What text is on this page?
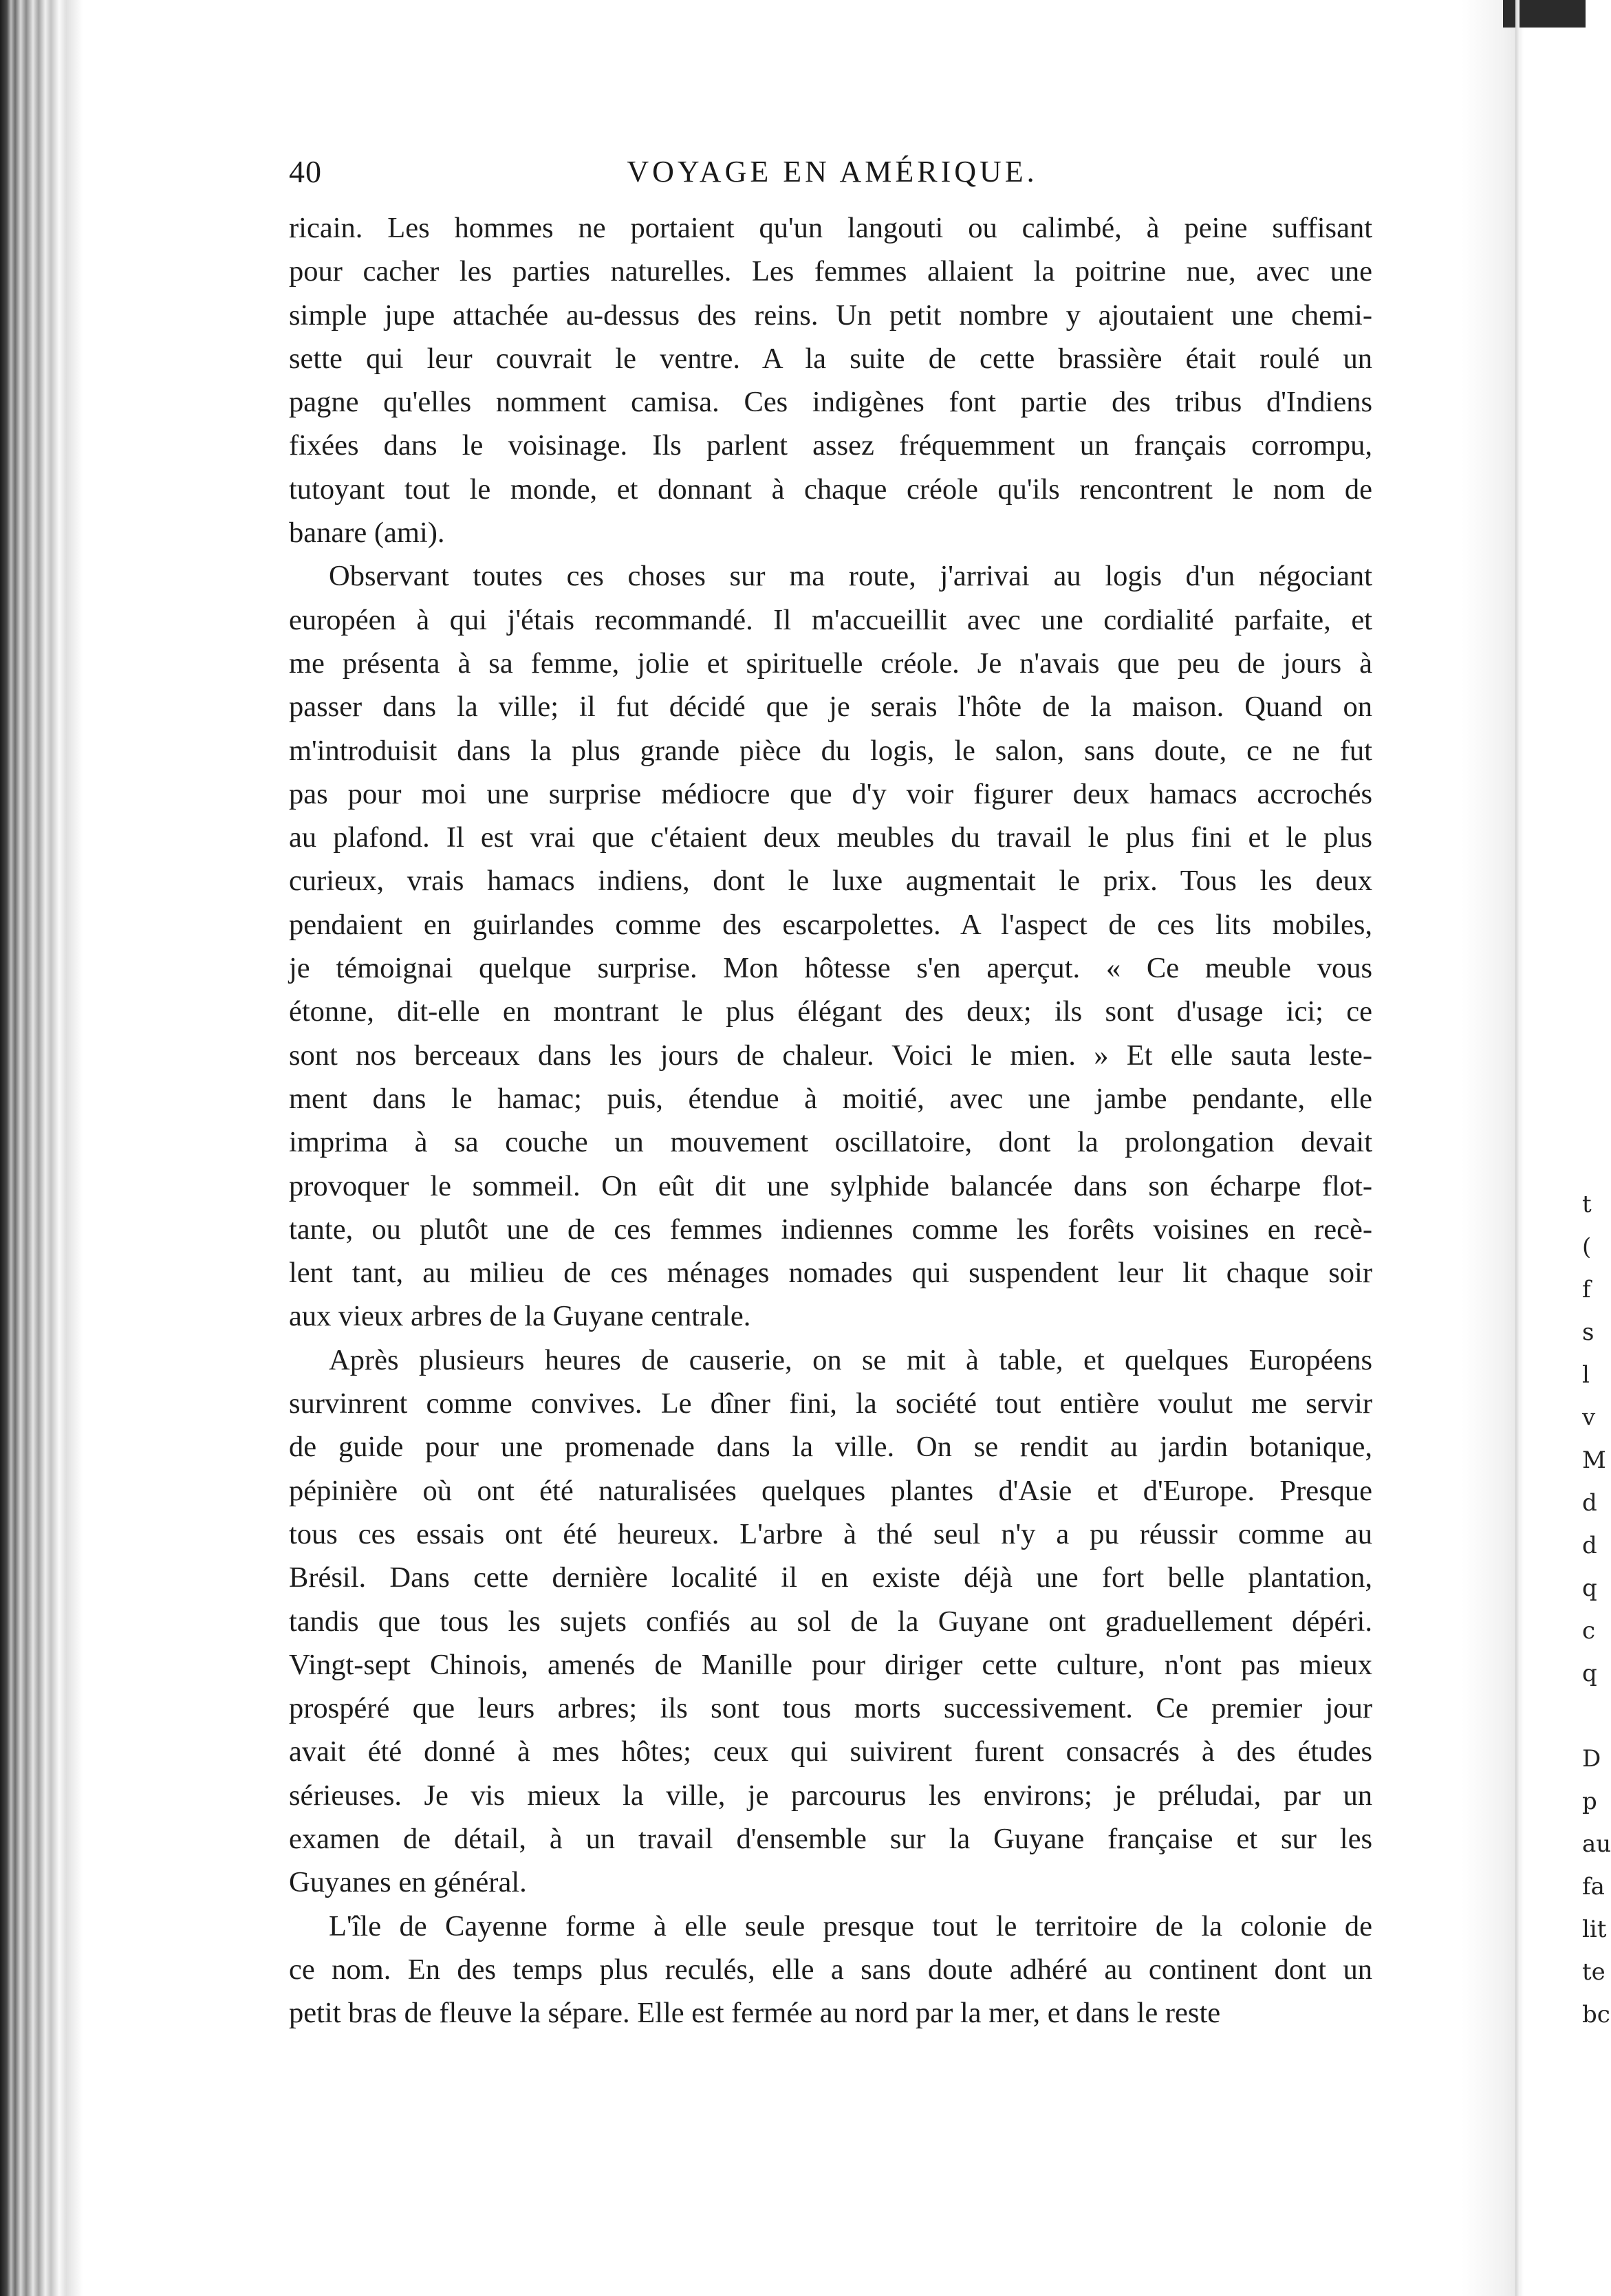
t
(
f
s
l
v
M
d
d
q
c
q
D
p
au
fa
lit
te
bc
VOYAGE EN AMÉRIQUE.
40

ricain. Les hommes ne portaient qu'un langouti ou calimbé, à peine suffisant
pour cacher les parties naturelles. Les femmes allaient la poitrine nue, avec une
simple jupe attachée au-dessus des reins. Un petit nombre y ajoutaient une chemi-
sette qui leur couvrait le ventre. A la suite de cette brassière était roulé un
pagne qu'elles nomment camisa. Ces indigènes font partie des tribus d'Indiens
fixées dans le voisinage. Ils parlent assez fréquemment un français corrompu,
tutoyant tout le monde, et donnant à chaque créole qu'ils rencontrent le nom de
banare (ami).

Observant toutes ces choses sur ma route, j'arrivai au logis d'un négociant
européen à qui j'étais recommandé. Il m'accueillit avec une cordialité parfaite, et
me présenta à sa femme, jolie et spirituelle créole. Je n'avais que peu de jours à
passer dans la ville; il fut décidé que je serais l'hôte de la maison. Quand on
m'introduisit dans la plus grande pièce du logis, le salon, sans doute, ce ne fut
pas pour moi une surprise médiocre que d'y voir figurer deux hamacs accrochés
au plafond. Il est vrai que c'étaient deux meubles du travail le plus fini et le plus
curieux, vrais hamacs indiens, dont le luxe augmentait le prix. Tous les deux
pendaient en guirlandes comme des escarpolettes. A l'aspect de ces lits mobiles,
je témoignai quelque surprise. Mon hôtesse s'en aperçut. « Ce meuble vous
étonne, dit-elle en montrant le plus élégant des deux; ils sont d'usage ici; ce
sont nos berceaux dans les jours de chaleur. Voici le mien. » Et elle sauta leste-
ment dans le hamac; puis, étendue à moitié, avec une jambe pendante, elle
imprima à sa couche un mouvement oscillatoire, dont la prolongation devait
provoquer le sommeil. On eût dit une sylphide balancée dans son écharpe flot-
tante, ou plutôt une de ces femmes indiennes comme les forêts voisines en recè-
lent tant, au milieu de ces ménages nomades qui suspendent leur lit chaque soir
aux vieux arbres de la Guyane centrale.

Après plusieurs heures de causerie, on se mit à table, et quelques Européens
survinrent comme convives. Le dîner fini, la société tout entière voulut me servir
de guide pour une promenade dans la ville. On se rendit au jardin botanique,
pépinière où ont été naturalisées quelques plantes d'Asie et d'Europe. Presque
tous ces essais ont été heureux. L'arbre à thé seul n'y a pu réussir comme au
Brésil. Dans cette dernière localité il en existe déjà une fort belle plantation,
tandis que tous les sujets confiés au sol de la Guyane ont graduellement dépéri.
Vingt-sept Chinois, amenés de Manille pour diriger cette culture, n'ont pas mieux
prospéré que leurs arbres; ils sont tous morts successivement. Ce premier jour
avait été donné à mes hôtes; ceux qui suivirent furent consacrés à des études
sérieuses. Je vis mieux la ville, je parcourus les environs; je préludai, par un
examen de détail, à un travail d'ensemble sur la Guyane française et sur les
Guyanes en général.

L'île de Cayenne forme à elle seule presque tout le territoire de la colonie de
ce nom. En des temps plus reculés, elle a sans doute adhéré au continent dont un
petit bras de fleuve la sépare. Elle est fermée au nord par la mer, et dans le reste
